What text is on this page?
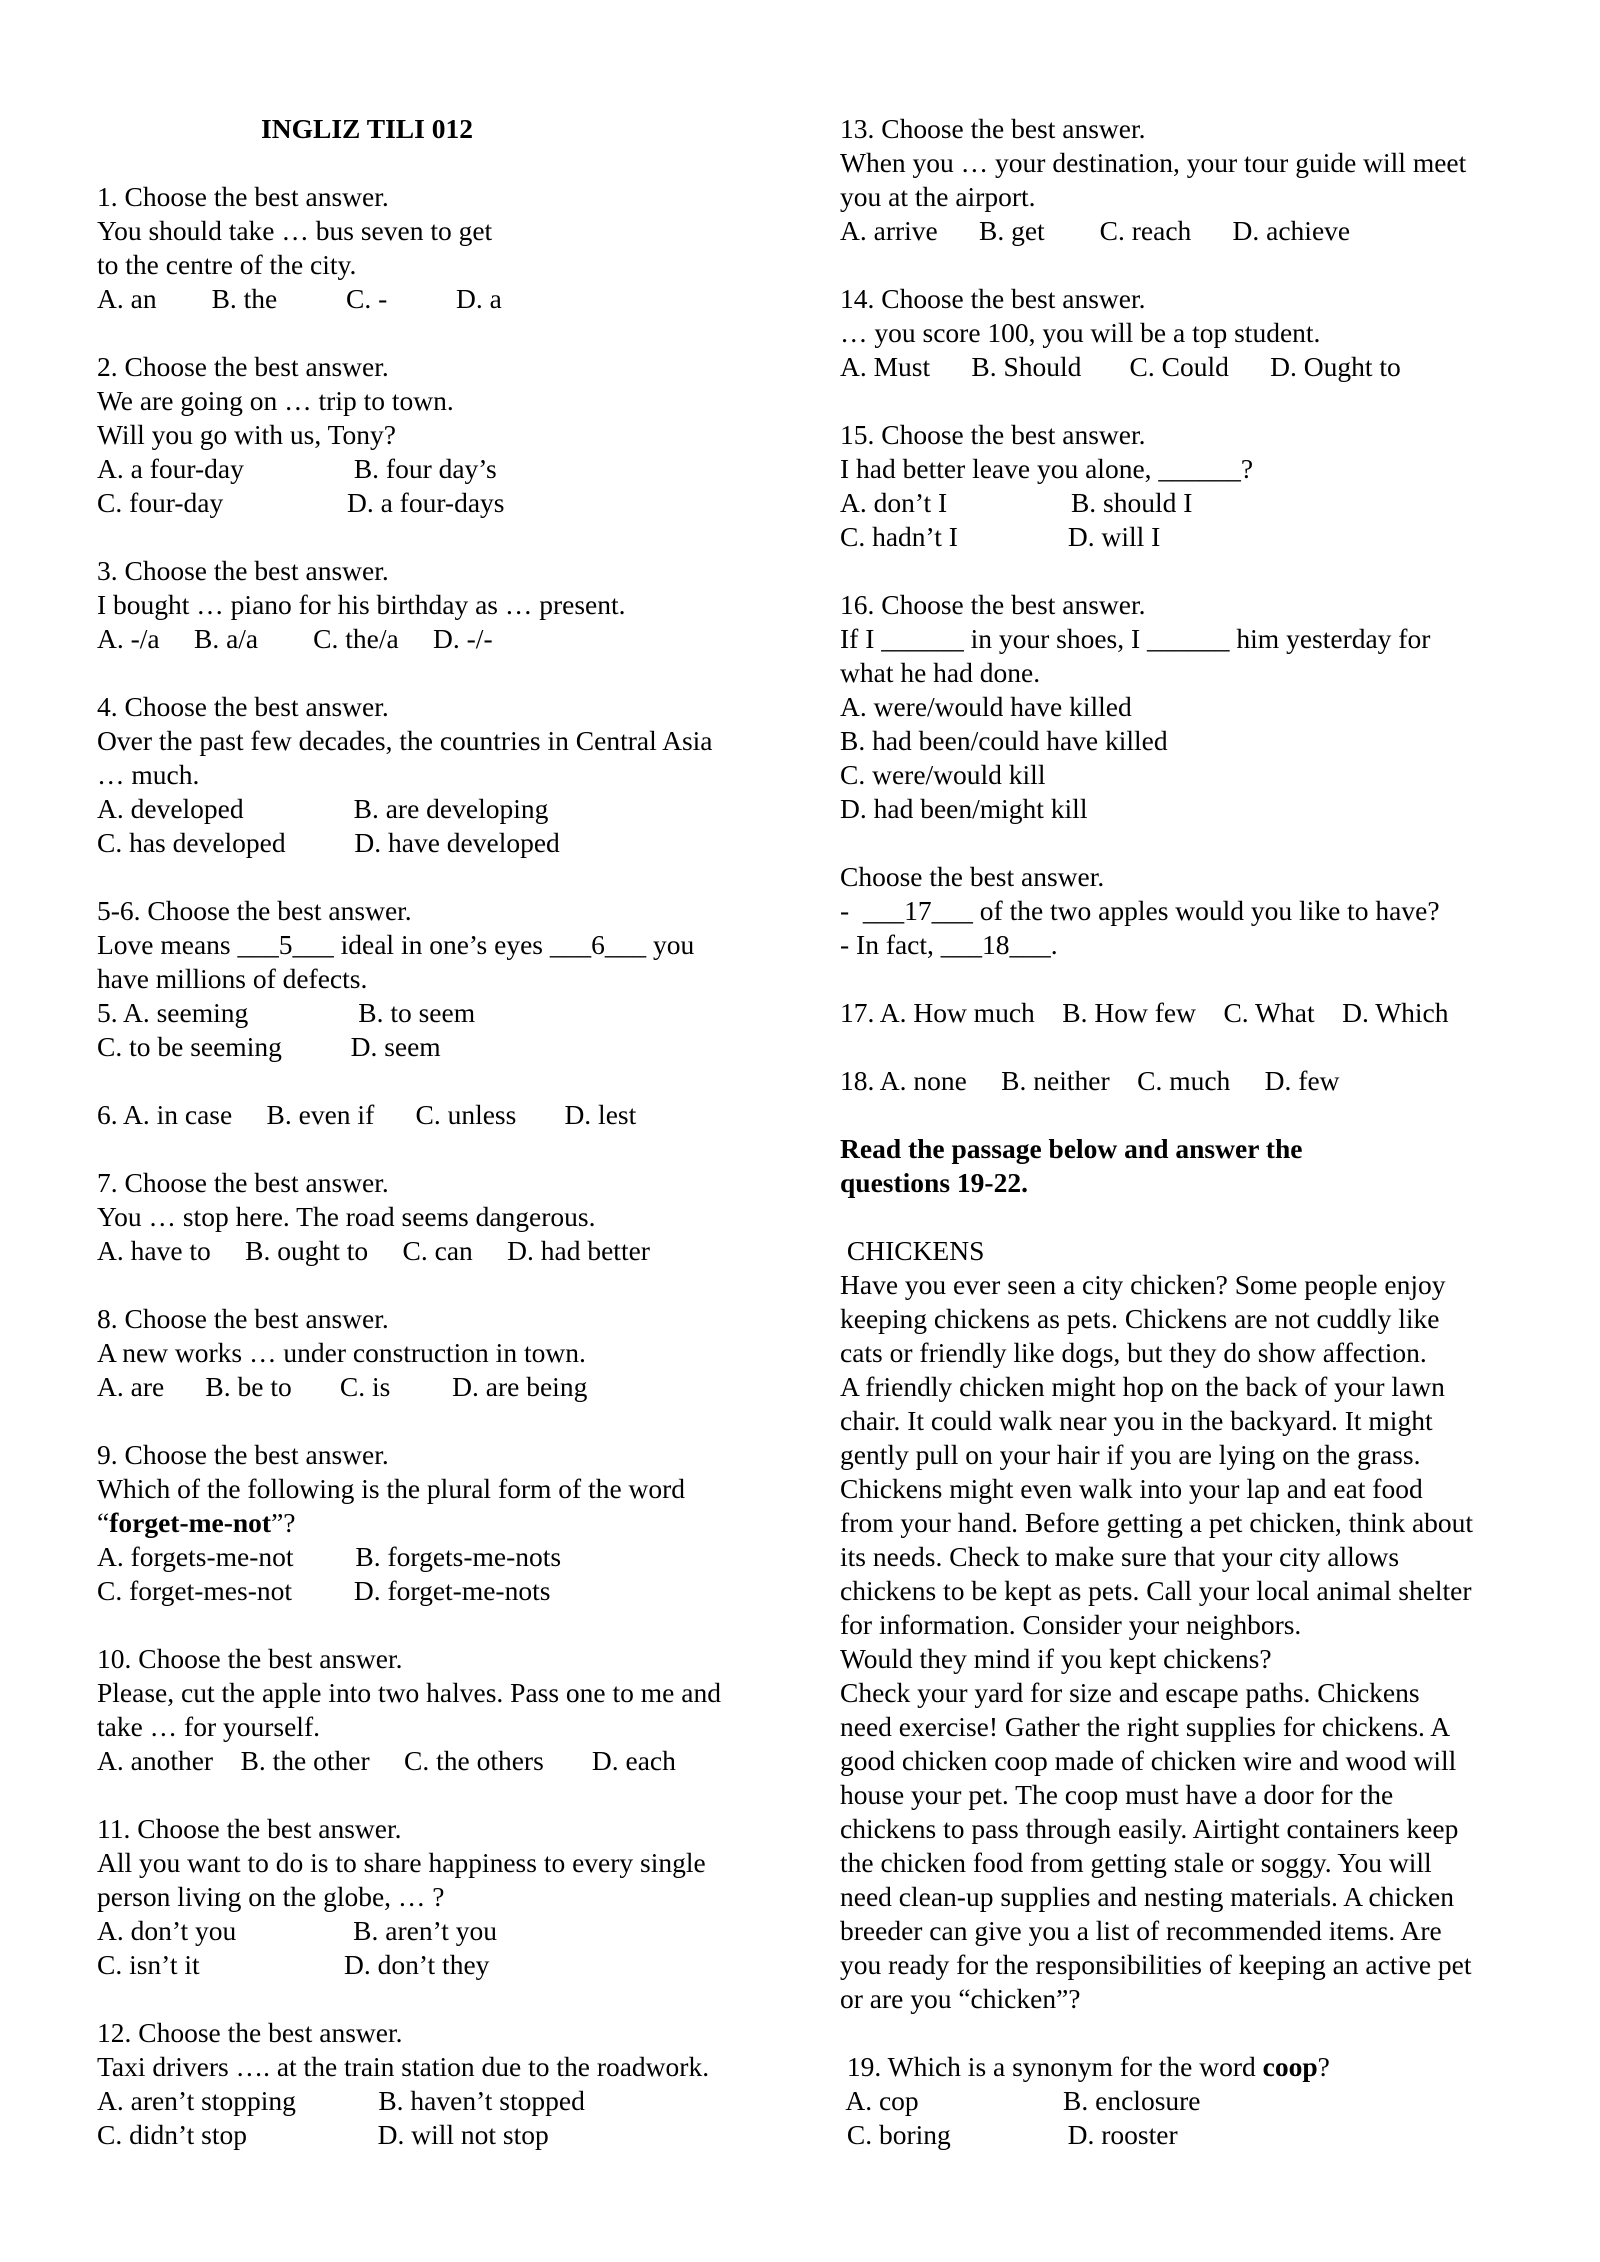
INGLIZ TILI 012
1. Choose the best answer.
You should take … bus seven to get
to the centre of the city.
A. an        B. the          C. -          D. a
2. Choose the best answer.
We are going on … trip to town.
Will you go with us, Tony?
A. a four-day                B. four day’s
C. four-day                  D. a four-days
3. Choose the best answer.
I bought … piano for his birthday as … present.
A. -/a     B. a/a        C. the/a     D. -/-
4. Choose the best answer.
Over the past few decades, the countries in Central Asia
… much.
A. developed                B. are developing
C. has developed          D. have developed
5-6. Choose the best answer.
Love means ___5___ ideal in one’s eyes ___6___ you
have millions of defects.
5. A. seeming                B. to seem
C. to be seeming          D. seem
6. A. in case     B. even if      C. unless       D. lest
7. Choose the best answer.
You … stop here. The road seems dangerous.
A. have to     B. ought to     C. can     D. had better
8. Choose the best answer.
A new works … under construction in town.
A. are      B. be to       C. is         D. are being
9. Choose the best answer.
Which of the following is the plural form of the word
“forget-me-not”?
A. forgets-me-not         B. forgets-me-nots
C. forget-mes-not         D. forget-me-nots
10. Choose the best answer.
Please, cut the apple into two halves. Pass one to me and
take … for yourself.
A. another    B. the other     C. the others       D. each
11. Choose the best answer.
All you want to do is to share happiness to every single
person living on the globe, … ?
A. don’t you                 B. aren’t you
C. isn’t it                     D. don’t they
12. Choose the best answer.
Taxi drivers …. at the train station due to the roadwork.
A. aren’t stopping            B. haven’t stopped
C. didn’t stop                   D. will not stop
13. Choose the best answer.
When you … your destination, your tour guide will meet
you at the airport.
A. arrive      B. get        C. reach      D. achieve
14. Choose the best answer.
… you score 100, you will be a top student.
A. Must      B. Should       C. Could      D. Ought to
15. Choose the best answer.
I had better leave you alone, ______?
A. don’t I                  B. should I
C. hadn’t I                D. will I
16. Choose the best answer.
If I ______ in your shoes, I ______ him yesterday for
what he had done.
A. were/would have killed
B. had been/could have killed
C. were/would kill
D. had been/might kill
Choose the best answer.
-  ___17___ of the two apples would you like to have?
- In fact, ___18___.
17. A. How much    B. How few    C. What    D. Which
18. A. none     B. neither    C. much     D. few
Read the passage below and answer the
questions 19-22.
CHICKENS
Have you ever seen a city chicken? Some people enjoy
keeping chickens as pets. Chickens are not cuddly like
cats or friendly like dogs, but they do show affection.
A friendly chicken might hop on the back of your lawn
chair. It could walk near you in the backyard. It might
gently pull on your hair if you are lying on the grass.
Chickens might even walk into your lap and eat food
from your hand. Before getting a pet chicken, think about
its needs. Check to make sure that your city allows
chickens to be kept as pets. Call your local animal shelter
for information. Consider your neighbors.
Would they mind if you kept chickens?
Check your yard for size and escape paths. Chickens
need exercise! Gather the right supplies for chickens. A
good chicken coop made of chicken wire and wood will
house your pet. The coop must have a door for the
chickens to pass through easily. Airtight containers keep
the chicken food from getting stale or soggy. You will
need clean-up supplies and nesting materials. A chicken
breeder can give you a list of recommended items. Are
you ready for the responsibilities of keeping an active pet
or are you “chicken”?
19. Which is a synonym for the word coop?
A. cop                     B. enclosure
C. boring                 D. rooster
